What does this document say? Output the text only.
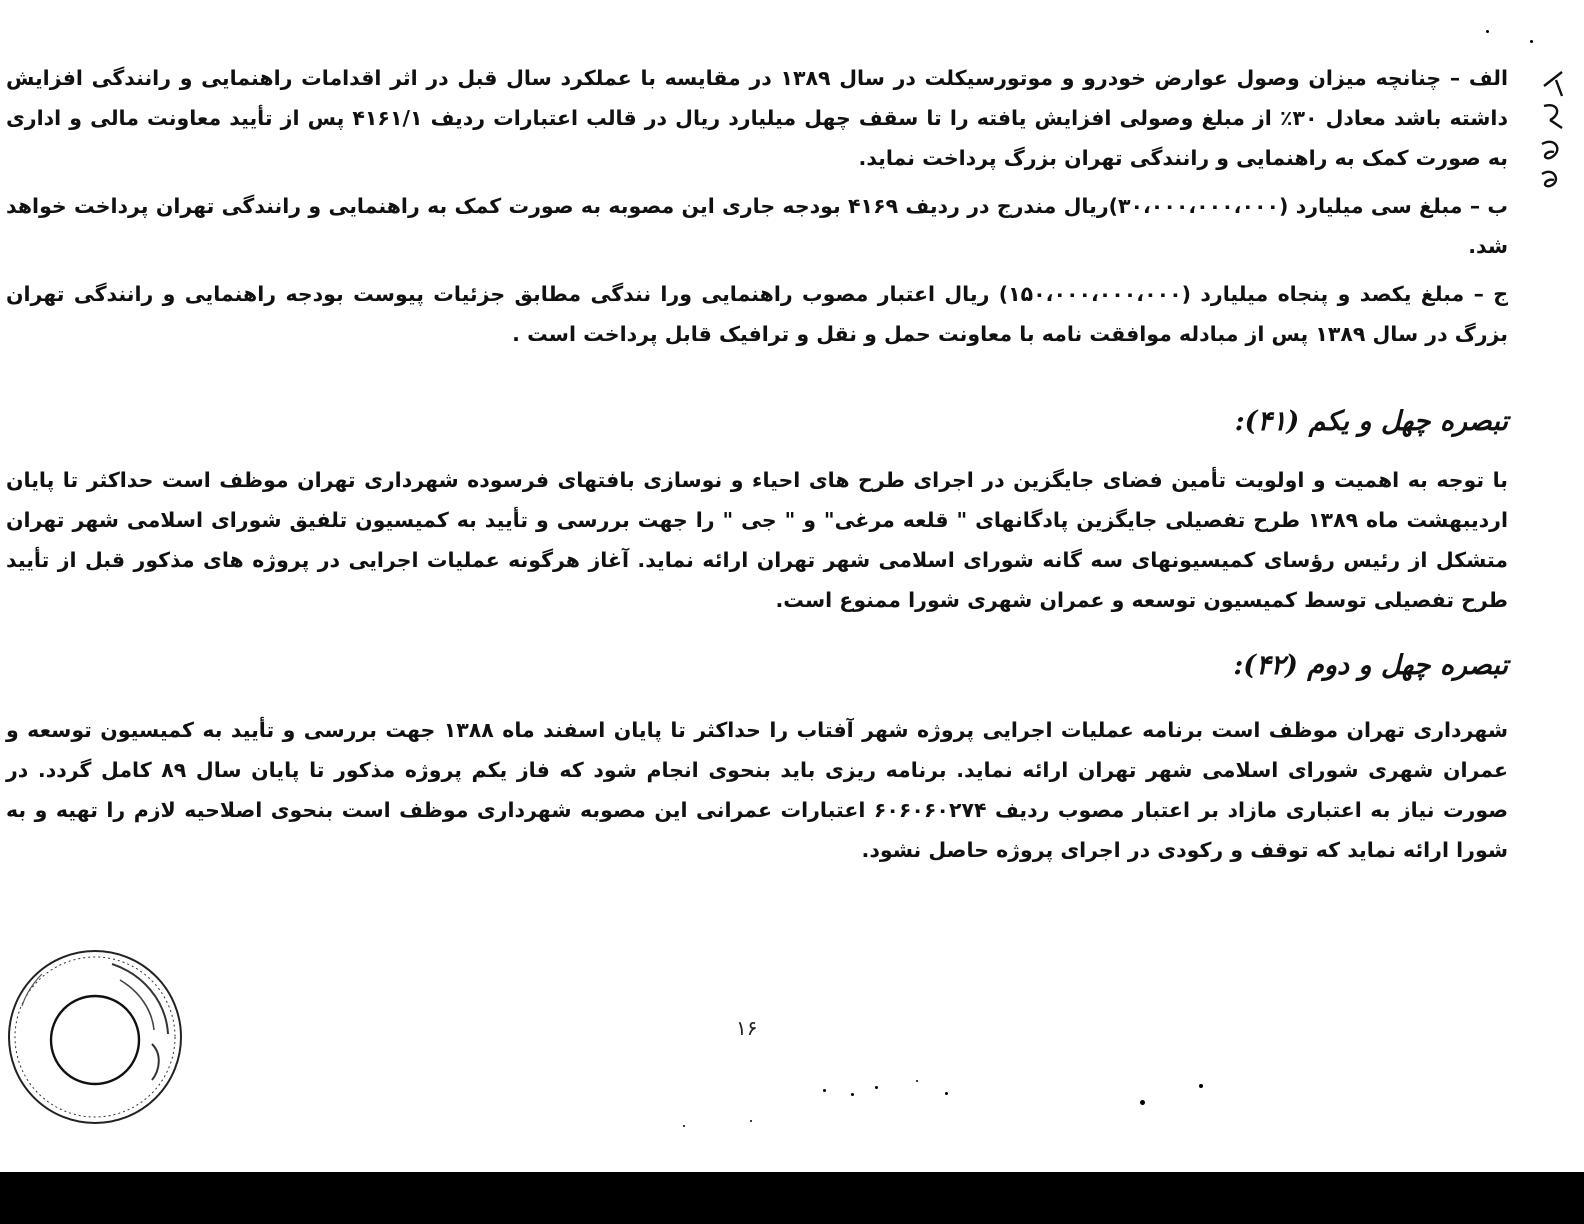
الف – چنانچه میزان وصول عوارض خودرو و موتورسیکلت در سال ۱۳۸۹ در مقایسه با عملکرد سال قبل در اثر اقدامات راهنمایی و رانندگی افزایش داشته باشد معادل ۳۰٪ از مبلغ وصولی افزایش یافته را تا سقف چهل میلیارد ریال در قالب اعتبارات ردیف ۴۱۶۱/۱ پس از تأیید معاونت مالی و اداری به صورت کمک به راهنمایی و رانندگی تهران بزرگ پرداخت نماید.

ب – مبلغ سی میلیارد (۳۰،۰۰۰،۰۰۰،۰۰۰)ریال مندرج در ردیف ۴۱۶۹ بودجه جاری این مصوبه به صورت کمک به راهنمایی و رانندگی تهران پرداخت خواهد شد.

ج – مبلغ یکصد و پنجاه میلیارد (۱۵۰،۰۰۰،۰۰۰،۰۰۰) ریال اعتبار مصوب راهنمایی ورا نندگی مطابق جزئیات پیوست بودجه راهنمایی و رانندگی تهران بزرگ در سال ۱۳۸۹ پس از مبادله موافقت نامه با معاونت حمل و نقل و ترافیک قابل پرداخت است .

تبصره چهل و یکم (۴۱):

با توجه به اهمیت و اولویت تأمین فضای جایگزین در اجرای طرح های احیاء و نوسازی بافتهای فرسوده شهرداری تهران موظف است حداکثر تا پایان اردیبهشت ماه ۱۳۸۹ طرح تفصیلی جایگزین پادگانهای " قلعه مرغی" و " جی " را جهت بررسی و تأیید به کمیسیون تلفیق شورای اسلامی شهر تهران متشکل از رئیس رؤسای کمیسیونهای سه گانه شورای اسلامی شهر تهران ارائه نماید. آغاز هرگونه عملیات اجرایی در پروژه های مذکور قبل از تأیید طرح تفصیلی توسط کمیسیون توسعه و عمران شهری شورا ممنوع است.

تبصره چهل و دوم (۴۲):

شهرداری تهران موظف است برنامه عملیات اجرایی پروژه شهر آفتاب را حداکثر تا پایان اسفند ماه ۱۳۸۸ جهت بررسی و تأیید به کمیسیون توسعه و عمران شهری شورای اسلامی شهر تهران ارائه نماید. برنامه ریزی باید بنحوی انجام شود که فاز یکم پروژه مذکور تا پایان سال ۸۹ کامل گردد. در صورت نیاز به اعتباری مازاد بر اعتبار مصوب ردیف ۶۰۶۰۶۰۲۷۴ اعتبارات عمرانی این مصوبه شهرداری موظف است بنحوی اصلاحیه لازم را تهیه و به شورا ارائه نماید که توقف و رکودی در اجرای پروژه حاصل نشود.

۱۶
